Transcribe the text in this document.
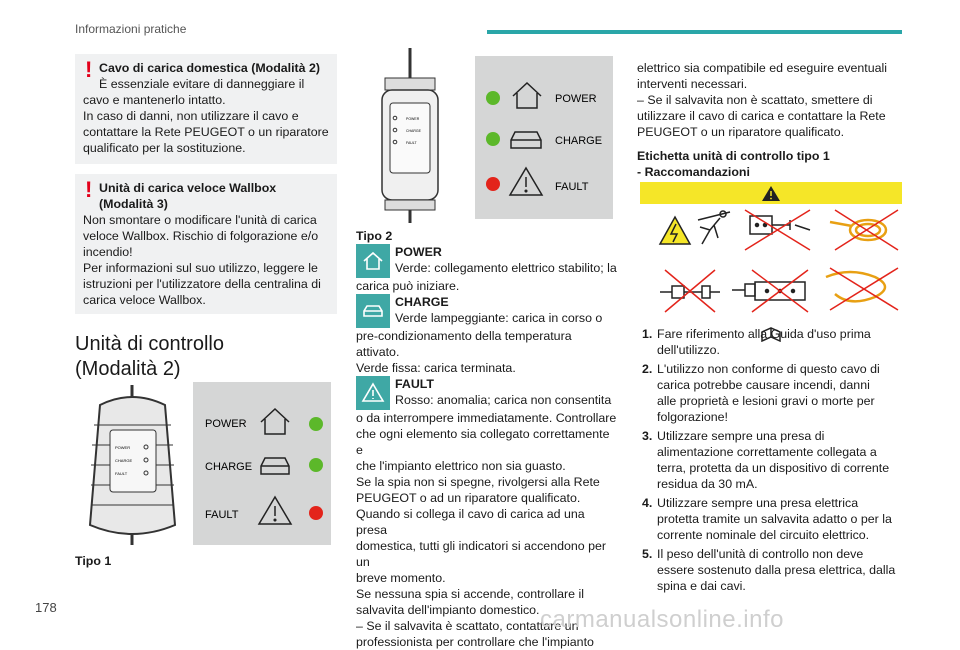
Informazioni pratiche
! Cavo di carica domestica (Modalità 2)
È essenziale evitare di danneggiare il
cavo e mantenerlo intatto.
In caso di danni, non utilizzare il cavo e
contattare la Rete PEUGEOT o un riparatore
qualificato per la sostituzione.
! Unità di carica veloce Wallbox
(Modalità 3)
Non smontare o modificare l'unità di carica
veloce Wallbox. Rischio di folgorazione e/o
incendio!
Per informazioni sul suo utilizzo, leggere le
istruzioni per l'utilizzatore della centralina di
carica veloce Wallbox.
Unità di controllo
(Modalità 2)
POWER
CHARGE
FAULT
POWER
CHARGE
FAULT
Tipo 1
POWER
CHARGE
FAULT
POWER
CHARGE
FAULT
Tipo 2
POWER
Verde: collegamento elettrico stabilito; la
carica può iniziare.
CHARGE
Verde lampeggiante: carica in corso o
pre-condizionamento della temperatura attivato.
Verde fissa: carica terminata.
FAULT
Rosso: anomalia; carica non consentita
o da interrompere immediatamente. Controllare
che ogni elemento sia collegato correttamente e
che l'impianto elettrico non sia guasto.
Se la spia non si spegne, rivolgersi alla Rete
PEUGEOT o ad un riparatore qualificato.
Quando si collega il cavo di carica ad una presa
domestica, tutti gli indicatori si accendono per un
breve momento.
Se nessuna spia si accende, controllare il
salvavita dell'impianto domestico.
– Se il salvavita è scattato, contattare un
professionista per controllare che l'impianto
elettrico sia compatibile ed eseguire eventuali
interventi necessari.
– Se il salvavita non è scattato, smettere di
utilizzare il cavo di carica e contattare la Rete
PEUGEOT o un riparatore qualificato.
Etichetta unità di controllo tipo 1
- Raccomandazioni
1. Fare riferimento alla Guida d'uso prima
dell'utilizzo.
2. L'utilizzo non conforme di questo cavo di
carica potrebbe causare incendi, danni
alle proprietà e lesioni gravi o morte per
folgorazione!
3. Utilizzare sempre una presa di
alimentazione correttamente collegata a
terra, protetta da un dispositivo di corrente
residua da 30 mA.
4. Utilizzare sempre una presa elettrica
protetta tramite un salvavita adatto o per la
corrente nominale del circuito elettrico.
5. Il peso dell'unità di controllo non deve
essere sostenuto dalla presa elettrica, dalla
spina e dai cavi.
178	carmanualsonline.info
